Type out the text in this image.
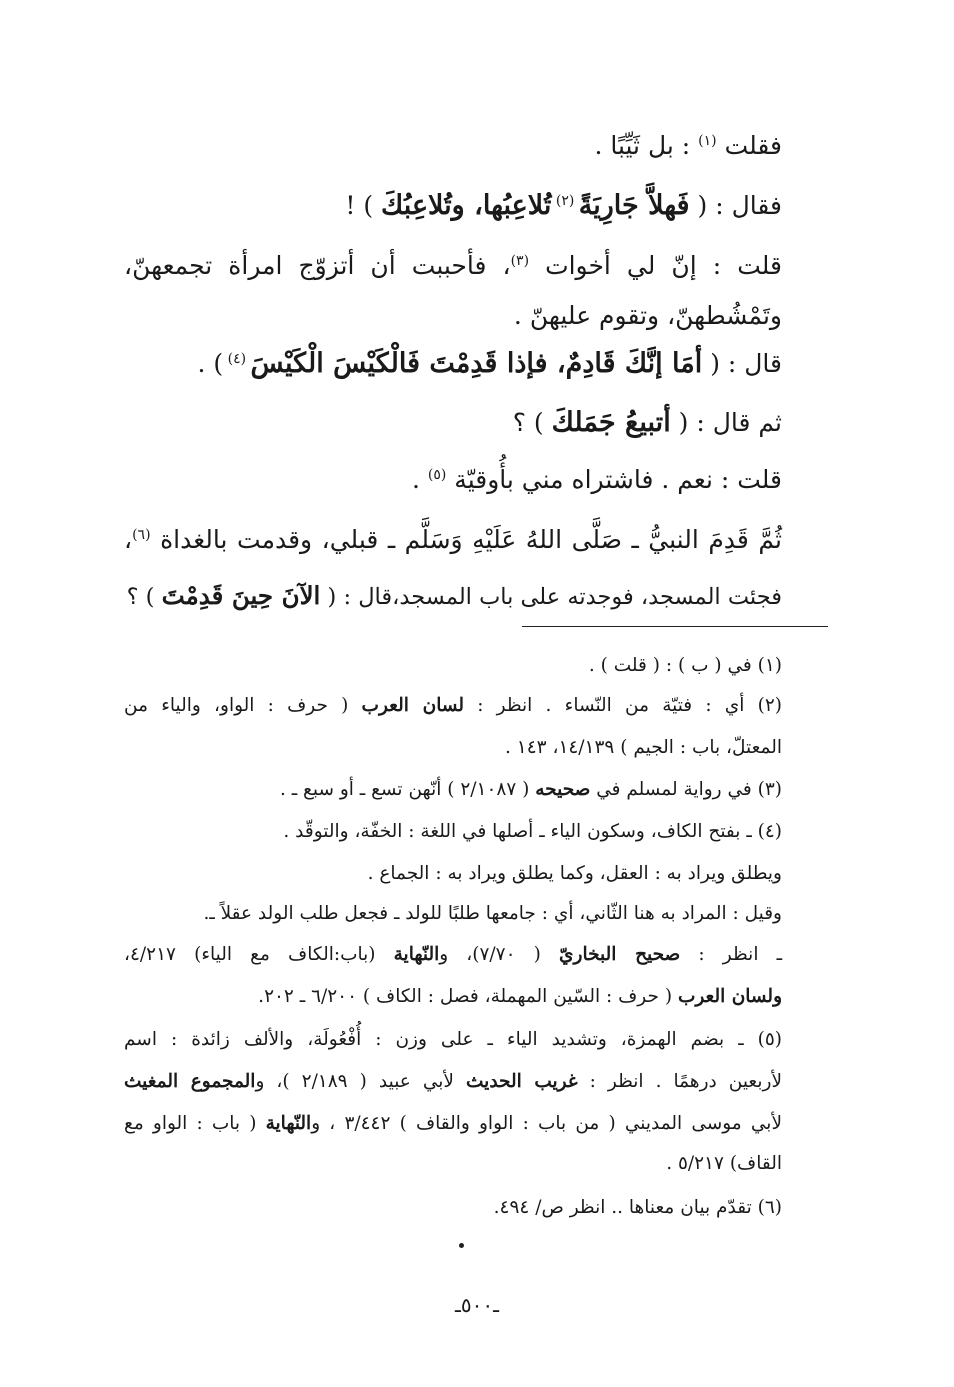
فقلت $^{(١)}$ : بل ثَيِّبًا .
فقال : ( فَهلاَّ جَارِيَةً $^{(٢)}$ تُلاعِبُها، وتُلاعِبُكَ ) !
قلت : إنّ لي أخوات $^{(٣)}$، فأحببت أن أتزوّج امرأة تجمعهنّ،
وتَمْشُطهنّ، وتقوم عليهنّ .
قال : ( أمَا إنَّكَ قَادِمٌ، فإذا قَدِمْتَ فَالْكَيْسَ الْكَيْسَ $^{(٤)}$ ) .
ثم قال : ( أتبيعُ جَمَلكَ ) ؟
قلت : نعم . فاشتراه مني بأُوقيّة $^{(٥)}$ .
ثُمَّ قَدِمَ النبيُّ ـ صَلَّى اللهُ عَلَيْهِ وَسَلَّم ـ قبلي، وقدمت بالغداة $^{(٦)}$،
فجئت المسجد، فوجدته على باب المسجد،قال : ( الآنَ حِينَ قَدِمْتَ ) ؟
(١) في ( ب ) : ( قلت ) .
(٢) أي : فتيّة من النّساء . انظر : لسان العرب ( حرف : الواو، والياء من
المعتلّ، باب : الجيم ) ١٤/١٣٩، ١٤٣ .
(٣) في رواية لمسلم في صحيحه ( ٢/١٠٨٧ ) أنّهن تسع ـ أو سبع ـ .
(٤) ـ بفتح الكاف، وسكون الياء ـ أصلها في اللغة : الخفّة، والتوقّد .
ويطلق ويراد به : العقل، وكما يطلق ويراد به : الجماع .
وقيل : المراد به هنا الثّاني، أي : جامعها طلبًا للولد ـ فجعل طلب الولد عقلاً ـ.
ـ انظر : صحيح البخاريّ ( ٧/٧٠)، والنّهاية (باب:الكاف مع الياء) ٤/٢١٧،
ولسان العرب ( حرف : السّين المهملة، فصل : الكاف ) ٦/٢٠٠ ـ ٢٠٢.
(٥) ـ بضم الهمزة، وتشديد الياء ـ على وزن : أُفْعُولَة، والألف زائدة : اسم
لأربعين درهمًا . انظر : غريب الحديث لأبي عبيد ( ٢/١٨٩ )، والمجموع المغيث
لأبي موسى المديني ( من باب : الواو والقاف ) ٣/٤٤٢ ، والنّهاية ( باب : الواو مع
القاف) ٥/٢١٧ .
(٦) تقدّم بيان معناها .. انظر ص/ ٤٩٤.
ـ٥٠٠ـ
